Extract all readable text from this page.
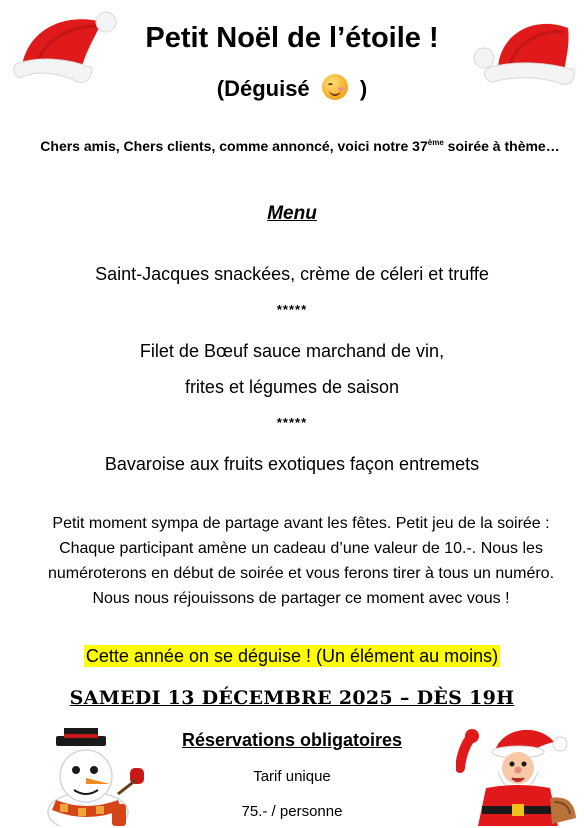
Petit Noël de l’étoile !
(Déguisé )
Chers amis, Chers clients, comme annoncé, voici notre 37ème soirée à thème…
Menu
Saint-Jacques snackées, crème de céleri et truffe
*****
Filet de Bœuf sauce marchand de vin,
frites et légumes de saison
*****
Bavaroise aux fruits exotiques façon entremets
Petit moment sympa de partage avant les fêtes. Petit jeu de la soirée : Chaque participant amène un cadeau d’une valeur de 10.-. Nous les numéroterons en début de soirée et vous ferons tirer à tous un numéro. Nous nous réjouissons de partager ce moment avec vous !
Cette année on se déguise ! (Un élément au moins)
SAMEDI 13 DÉCEMBRE 2025 – DÈS 19H
Réservations obligatoires
Tarif unique
75.- / personne
